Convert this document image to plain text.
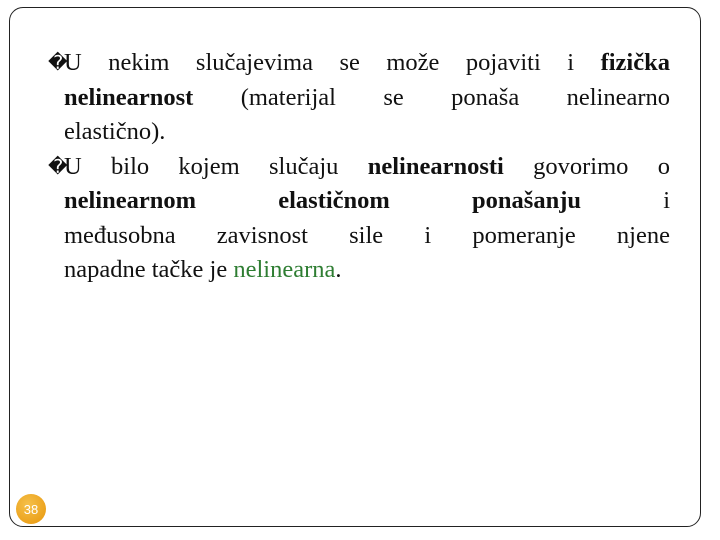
�
U nekim slučajevima se može pojaviti i fizička
nelinearnost (materijal se ponaša nelinearno
elastično).
�
U bilo kojem slučaju nelinearnosti govorimo o
nelinearnom	elastičnom	ponašanju	i
međusobna zavisnost sile i pomeranje njene
napadne tačke je nelinearna.
38
